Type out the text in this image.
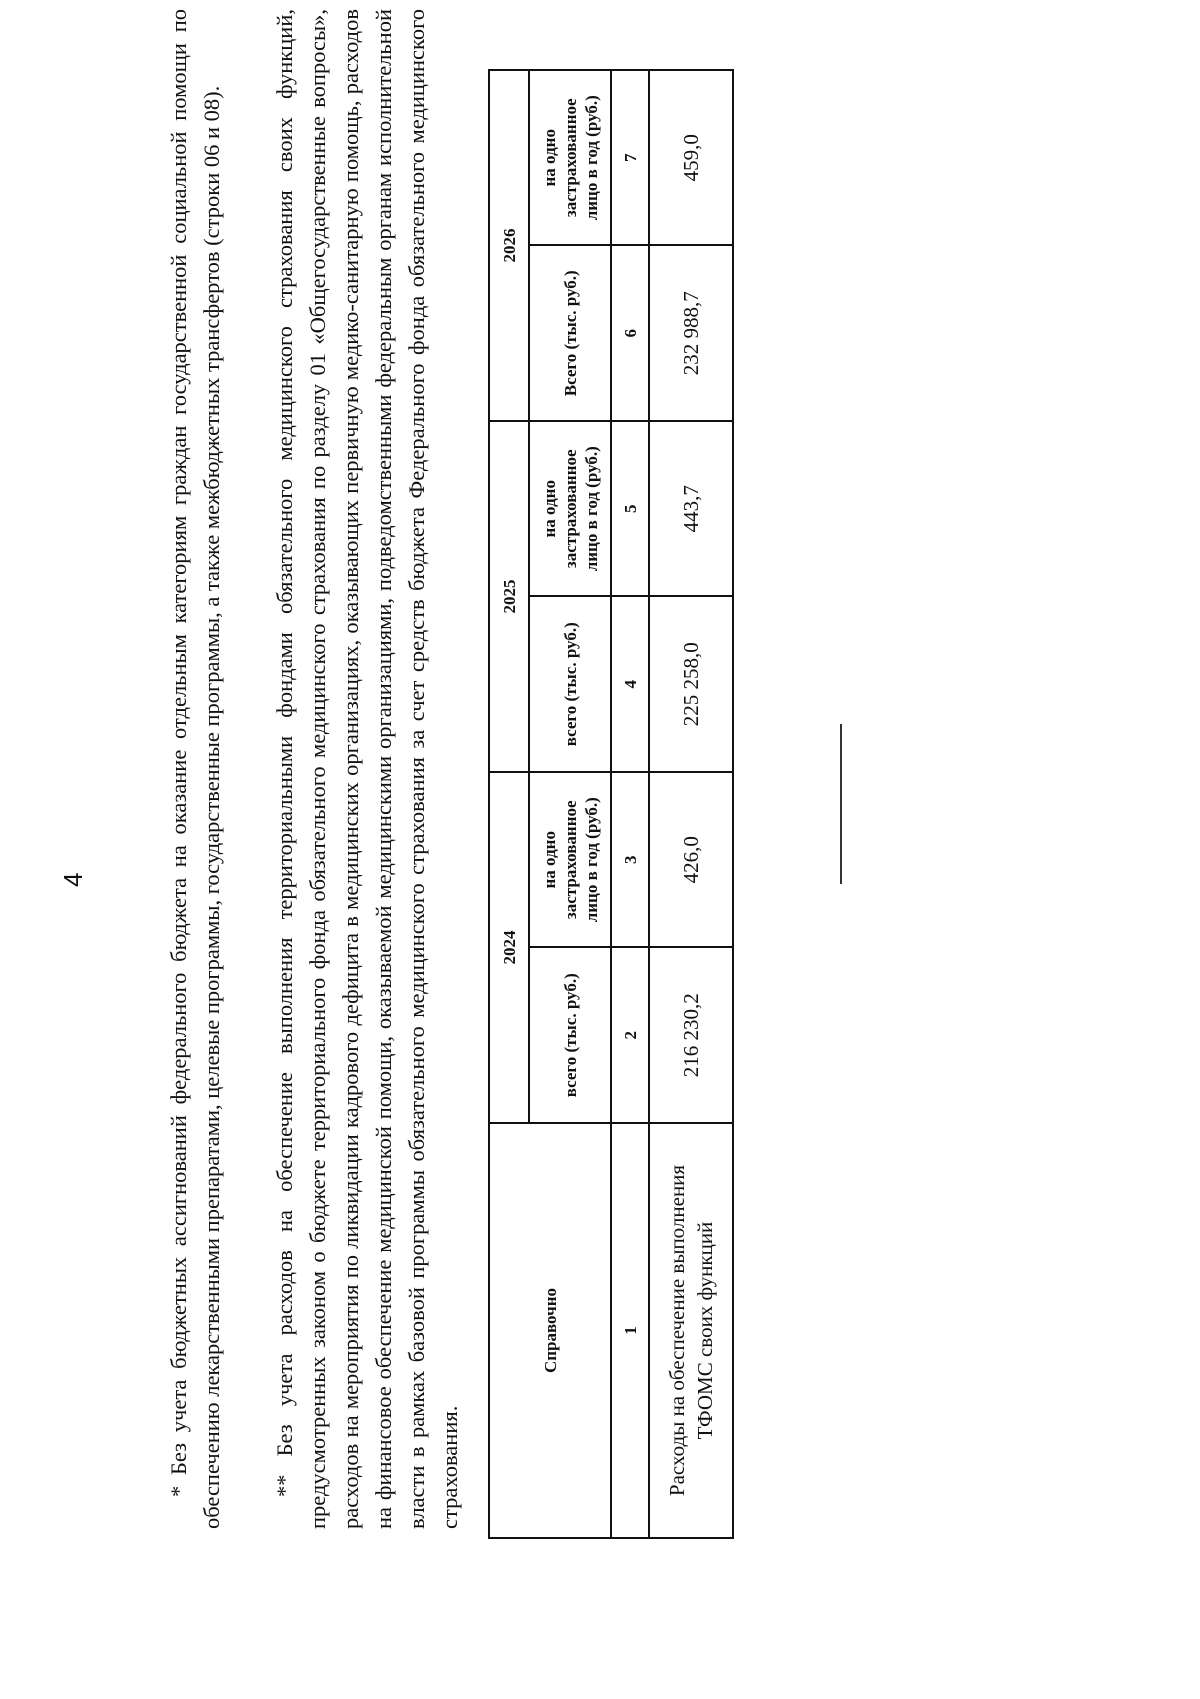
4	* Без учета бюджетных ассигнований федерального бюджета на оказание отдельным категориям граждан государственной социальной помощи по обеспечению лекарственными препаратами, целевые программы, государственные программы, а также межбюджетных трансфертов (строки 06 и 08). ** Без учета расходов на обеспечение выполнения территориальными фондами обязательного медицинского страхования своих функций, предусмотренных законом о бюджете территориального фонда обязательного медицинского страхования по разделу 01 «Общегосударственные вопросы», расходов на мероприятия по ликвидации кадрового дефицита в медицинских организациях, оказывающих первичную медико-санитарную помощь, расходов на финансовое обеспечение медицинской помощи, оказываемой медицинскими организациями, подведомственными федеральным органам исполнительной власти в рамках базовой программы обязательного медицинского страхования за счет средств бюджета Федерального фонда обязательного медицинского страхования.

Справочно	2024		2025		2026	
	всего (тыс. руб.)	на одно застрахованное лицо в год (руб.)	всего (тыс. руб.)	на одно застрахованное лицо в год (руб.)	Всего (тыс. руб.)	на одно застрахованное лицо в год (руб.)
1	2	3	4	5	6	7
Расходы на обеспечение выполнения ТФОМС своих функций	216 230,2	426,0	225 258,0	443,7	232 988,7	459,0
